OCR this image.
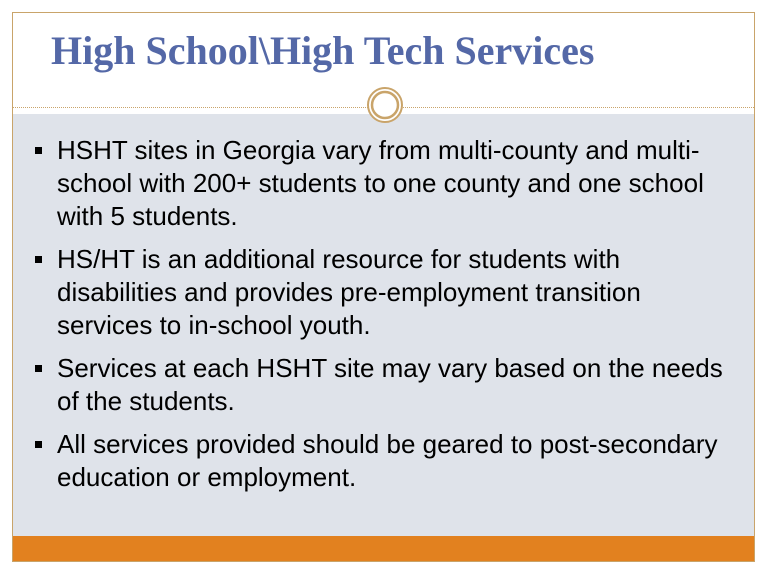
High School\High Tech Services
HSHT sites in Georgia vary from multi-county and multi-school with 200+ students to one county and one school with 5 students.
HS/HT is an additional resource for students with disabilities and provides pre-employment transition services to in-school youth.
Services at each HSHT site may vary based on the needs of the students.
All services provided should be geared to post-secondary education or employment.
